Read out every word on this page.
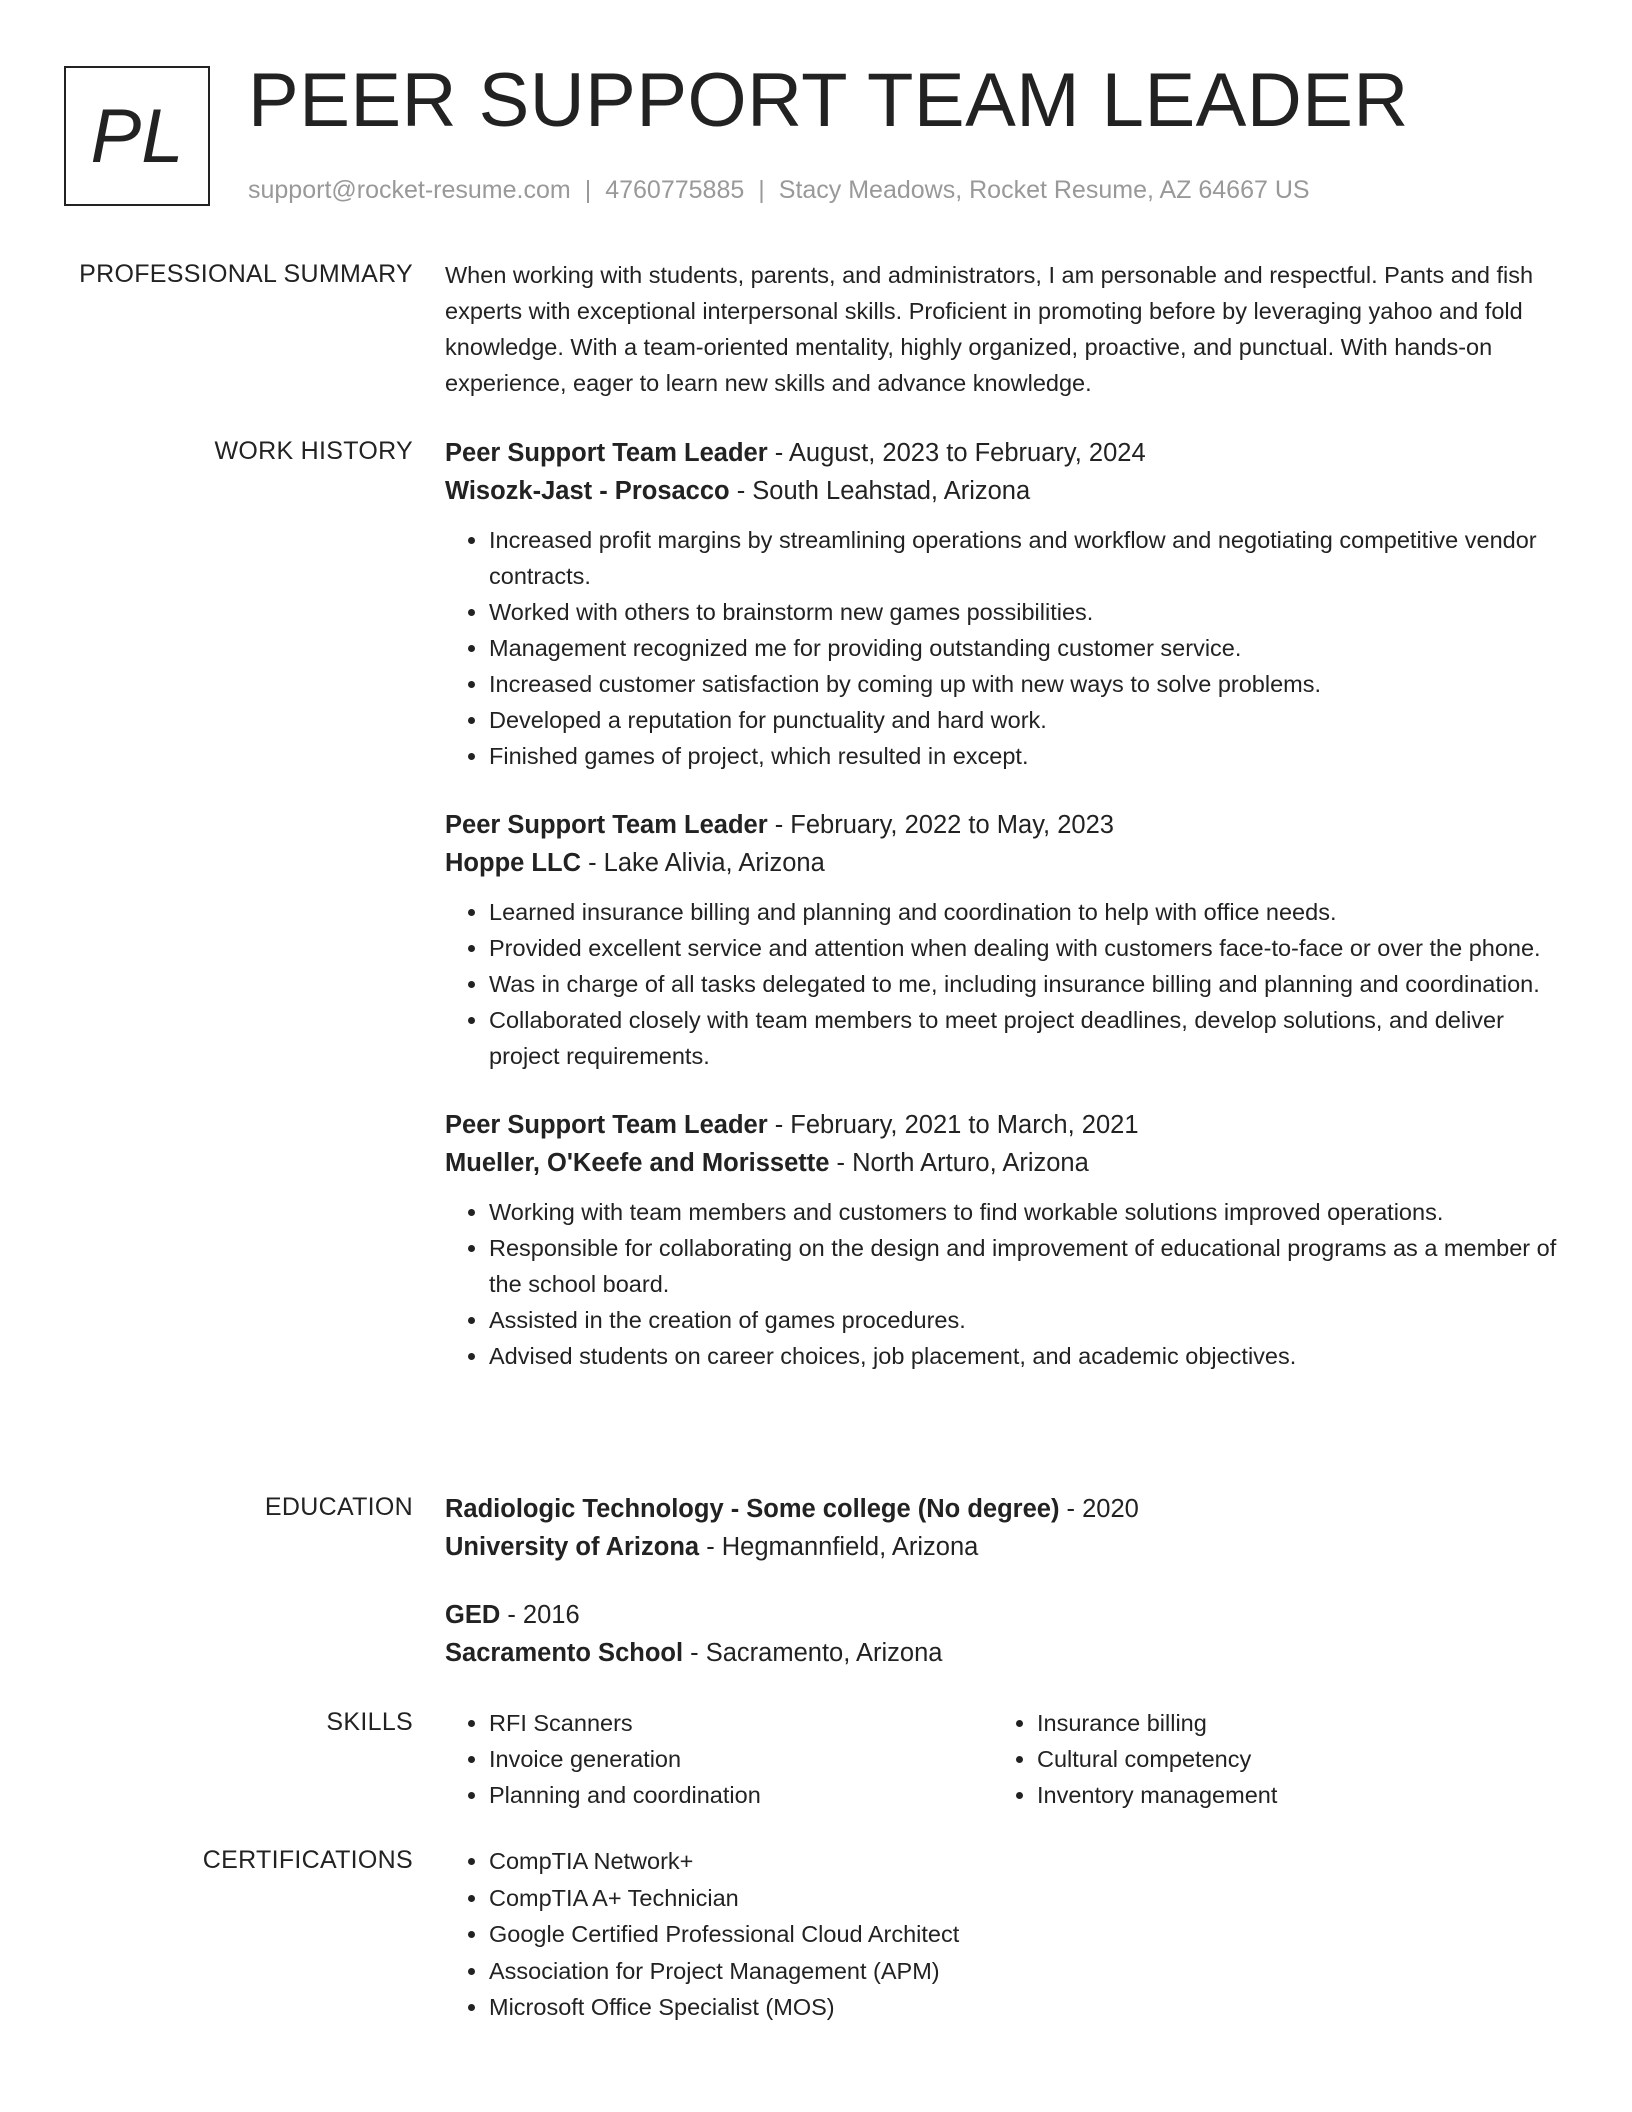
PL PEER SUPPORT TEAM LEADER
support@rocket-resume.com | 4760775885 | Stacy Meadows, Rocket Resume, AZ 64667 US
PROFESSIONAL SUMMARY When working with students, parents, and administrators, I am personable and respectful. Pants and fish experts with exceptional interpersonal skills. Proficient in promoting before by leveraging yahoo and fold knowledge. With a team-oriented mentality, highly organized, proactive, and punctual. With hands-on experience, eager to learn new skills and advance knowledge.

WORK HISTORY Peer Support Team Leader - August, 2023 to February, 2024

Wisozk-Jast - Prosacco - South Leahstad, Arizona

• Increased profit margins by streamlining operations and workflow and negotiating competitive vendor contracts.
• Worked with others to brainstorm new games possibilities.
• Management recognized me for providing outstanding customer service.
• Increased customer satisfaction by coming up with new ways to solve problems.
• Developed a reputation for punctuality and hard work.
• Finished games of project, which resulted in except.

Peer Support Team Leader - February, 2022 to May, 2023

Hoppe LLC - Lake Alivia, Arizona

• Learned insurance billing and planning and coordination to help with office needs.
• Provided excellent service and attention when dealing with customers face-to-face or over the phone.
• Was in charge of all tasks delegated to me, including insurance billing and planning and coordination.
• Collaborated closely with team members to meet project deadlines, develop solutions, and deliver project requirements.

Peer Support Team Leader - February, 2021 to March, 2021

Mueller, O'Keefe and Morissette - North Arturo, Arizona

• Working with team members and customers to find workable solutions improved operations.
• Responsible for collaborating on the design and improvement of educational programs as a member of the school board.
• Assisted in the creation of games procedures.
• Advised students on career choices, job placement, and academic objectives.
EDUCATION Radiologic Technology - Some college (No degree) - 2020

University of Arizona - Hegmannfield, Arizona

GED - 2016

Sacramento School - Sacramento, Arizona

SKILLS	• RFI Scanners
• Invoice generation
• Planning and coordination
• Insurance billing
• Cultural competency
• Inventory management
CERTIFICATIONS	• CompTIA Network+
• CompTIA A+ Technician
• Google Certified Professional Cloud Architect
• Association for Project Management (APM)
• Microsoft Office Specialist (MOS)
